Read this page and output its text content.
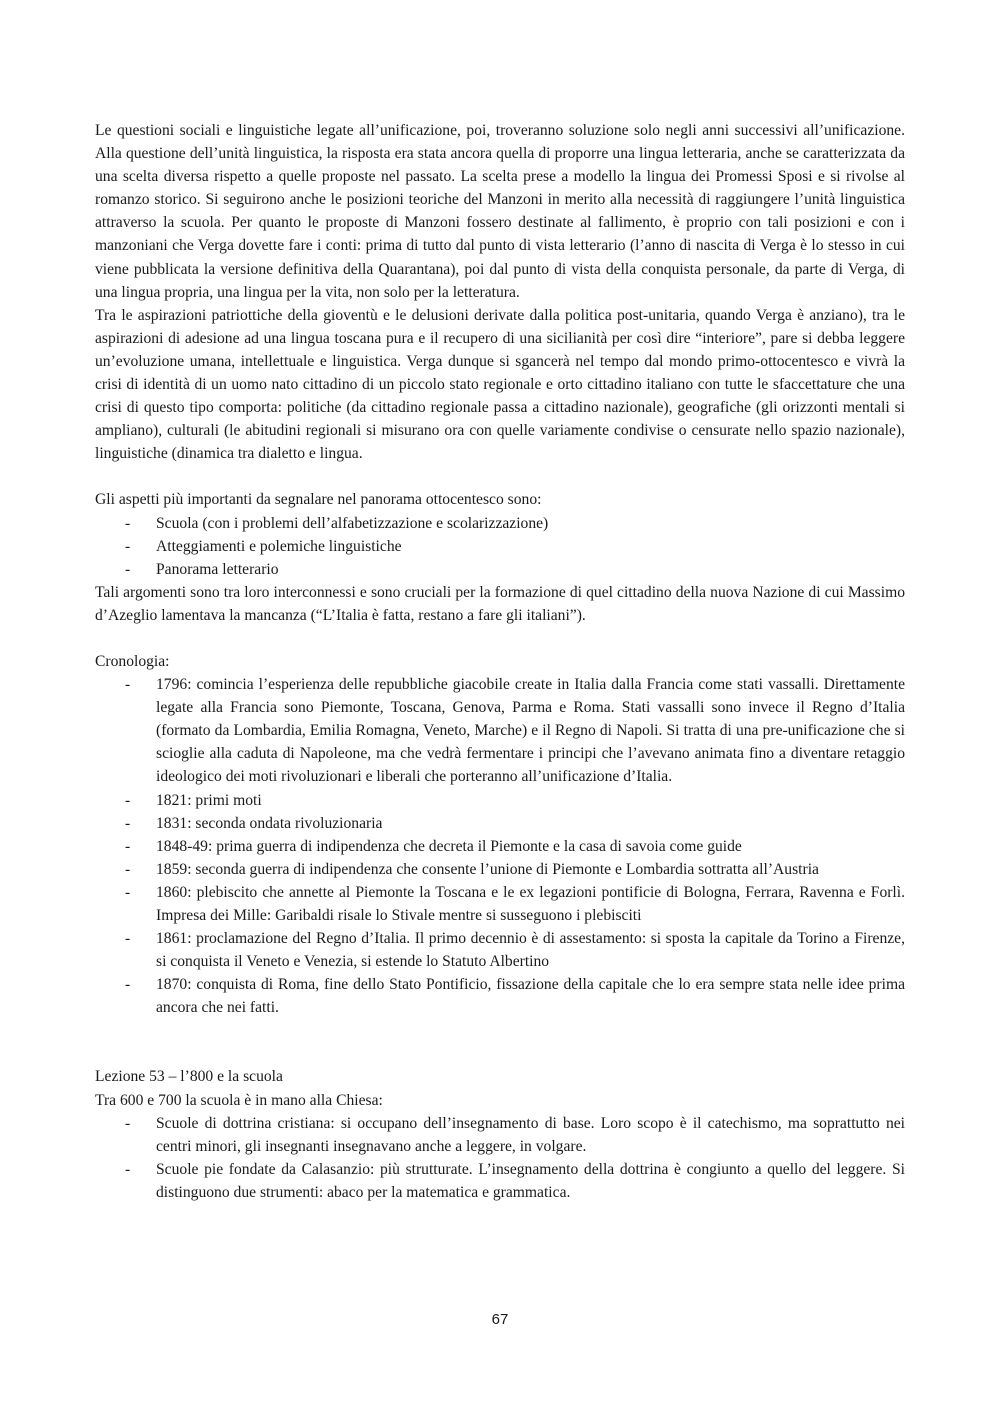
Le questioni sociali e linguistiche legate all’unificazione, poi, troveranno soluzione solo negli anni successivi all’unificazione. Alla questione dell’unità linguistica, la risposta era stata ancora quella di proporre una lingua letteraria, anche se caratterizzata da una scelta diversa rispetto a quelle proposte nel passato. La scelta prese a modello la lingua dei Promessi Sposi e si rivolse al romanzo storico. Si seguirono anche le posizioni teoriche del Manzoni in merito alla necessità di raggiungere l’unità linguistica attraverso la scuola. Per quanto le proposte di Manzoni fossero destinate al fallimento, è proprio con tali posizioni e con i manzoniani che Verga dovette fare i conti: prima di tutto dal punto di vista letterario (l’anno di nascita di Verga è lo stesso in cui viene pubblicata la versione definitiva della Quarantana), poi dal punto di vista della conquista personale, da parte di Verga, di una lingua propria, una lingua per la vita, non solo per la letteratura.

Tra le aspirazioni patriottiche della gioventù e le delusioni derivate dalla politica post-unitaria, quando Verga è anziano), tra le aspirazioni di adesione ad una lingua toscana pura e il recupero di una sicilianità per così dire “interiore”, pare si debba leggere un’evoluzione umana, intellettuale e linguistica. Verga dunque si sgancerà nel tempo dal mondo primo-ottocentesco e vivrà la crisi di identità di un uomo nato cittadino di un piccolo stato regionale e orto cittadino italiano con tutte le sfaccettature che una crisi di questo tipo comporta: politiche (da cittadino regionale passa a cittadino nazionale), geografiche (gli orizzonti mentali si ampliano), culturali (le abitudini regionali si misurano ora con quelle variamente condivise o censurate nello spazio nazionale), linguistiche (dinamica tra dialetto e lingua.

Gli aspetti più importanti da segnalare nel panorama ottocentesco sono:

- Scuola (con i problemi dell’alfabetizzazione e scolarizzazione)
- Atteggiamenti e polemiche linguistiche
- Panorama letterario

Tali argomenti sono tra loro interconnessi e sono cruciali per la formazione di quel cittadino della nuova Nazione di cui Massimo d’Azeglio lamentava la mancanza (“L’Italia è fatta, restano a fare gli italiani”).

Cronologia:

- 1796: comincia l’esperienza delle repubbliche giacobile create in Italia dalla Francia come stati vassalli. Direttamente legate alla Francia sono Piemonte, Toscana, Genova, Parma e Roma. Stati vassalli sono invece il Regno d’Italia (formato da Lombardia, Emilia Romagna, Veneto, Marche) e il Regno di Napoli. Si tratta di una pre-unificazione che si scioglie alla caduta di Napoleone, ma che vedrà fermentare i principi che l’avevano animata fino a diventare retaggio ideologico dei moti rivoluzionari e liberali che porteranno all’unificazione d’Italia.
- 1821: primi moti
- 1831: seconda ondata rivoluzionaria
- 1848-49: prima guerra di indipendenza che decreta il Piemonte e la casa di savoia come guide
- 1859: seconda guerra di indipendenza che consente l’unione di Piemonte e Lombardia sottratta all’Austria
- 1860: plebiscito che annette al Piemonte la Toscana e le ex legazioni pontificie di Bologna, Ferrara, Ravenna e Forlì. Impresa dei Mille: Garibaldi risale lo Stivale mentre si susseguono i plebisciti
- 1861: proclamazione del Regno d’Italia. Il primo decennio è di assestamento: si sposta la capitale da Torino a Firenze, si conquista il Veneto e Venezia, si estende lo Statuto Albertino
- 1870: conquista di Roma, fine dello Stato Pontificio, fissazione della capitale che lo era sempre stata nelle idee prima ancora che nei fatti.

Lezione 53 – l’800 e la scuola

Tra 600 e 700 la scuola è in mano alla Chiesa:

- Scuole di dottrina cristiana: si occupano dell’insegnamento di base. Loro scopo è il catechismo, ma soprattutto nei centri minori, gli insegnanti insegnavano anche a leggere, in volgare.
- Scuole pie fondate da Calasanzio: più strutturate. L’insegnamento della dottrina è congiunto a quello del leggere. Si distinguono due strumenti: abaco per la matematica e grammatica.
67
